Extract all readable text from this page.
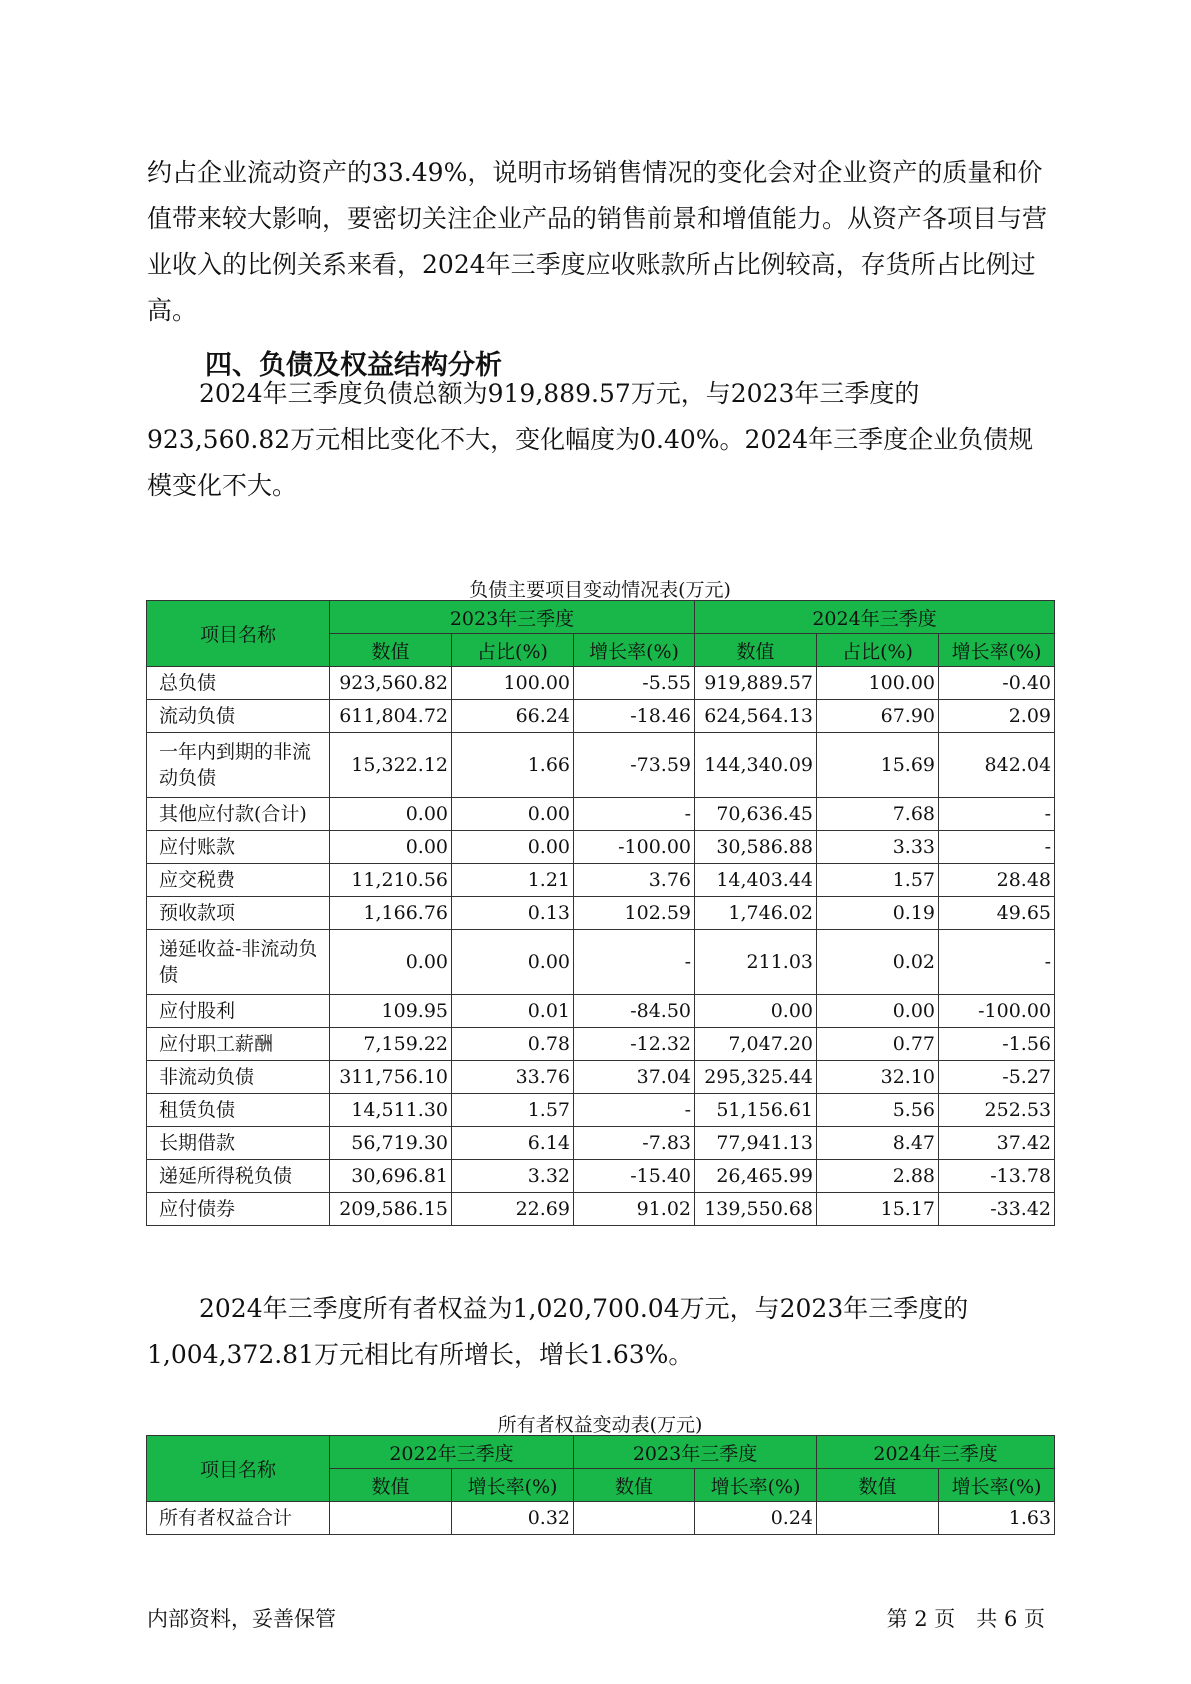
约占企业流动资产的33.49%，说明市场销售情况的变化会对企业资产的质量和价值带来较大影响，要密切关注企业产品的销售前景和增值能力。从资产各项目与营业收入的比例关系来看，2024年三季度应收账款所占比例较高，存货所占比例过高。

四、负债及权益结构分析

2024年三季度负债总额为919,889.57万元，与2023年三季度的923,560.82万元相比变化不大，变化幅度为0.40%。2024年三季度企业负债规模变化不大。

负债主要项目变动情况表(万元)
项目名称	2023年三季度			2024年三季度		
	数值	占比(%)	增长率(%)	数值	占比(%)	增长率(%)
总负债	923,560.82	100.00	-5.55	919,889.57	100.00	-0.40
流动负债	611,804.72	66.24	-18.46	624,564.13	67.90	2.09
一年内到期的非流动负债	15,322.12	1.66	-73.59	144,340.09	15.69	842.04
其他应付款(合计)	0.00	0.00	-	70,636.45	7.68	-
应付账款	0.00	0.00	-100.00	30,586.88	3.33	-
应交税费	11,210.56	1.21	3.76	14,403.44	1.57	28.48
预收款项	1,166.76	0.13	102.59	1,746.02	0.19	49.65
递延收益-非流动负债	0.00	0.00	-	211.03	0.02	-
应付股利	109.95	0.01	-84.50	0.00	0.00	-100.00
应付职工薪酬	7,159.22	0.78	-12.32	7,047.20	0.77	-1.56
非流动负债	311,756.10	33.76	37.04	295,325.44	32.10	-5.27
租赁负债	14,511.30	1.57	-	51,156.61	5.56	252.53
长期借款	56,719.30	6.14	-7.83	77,941.13	8.47	37.42
递延所得税负债	30,696.81	3.32	-15.40	26,465.99	2.88	-13.78
应付债券	209,586.15	22.69	91.02	139,550.68	15.17	-33.42

2024年三季度所有者权益为1,020,700.04万元，与2023年三季度的1,004,372.81万元相比有所增长，增长1.63%。

所有者权益变动表(万元)
项目名称	2022年三季度		2023年三季度		2024年三季度	
	数值	增长率(%)	数值	增长率(%)	数值	增长率(%)
所有者权益合计		0.32		0.24		1.63
内部资料，妥善保管	第 2 页　共 6 页
